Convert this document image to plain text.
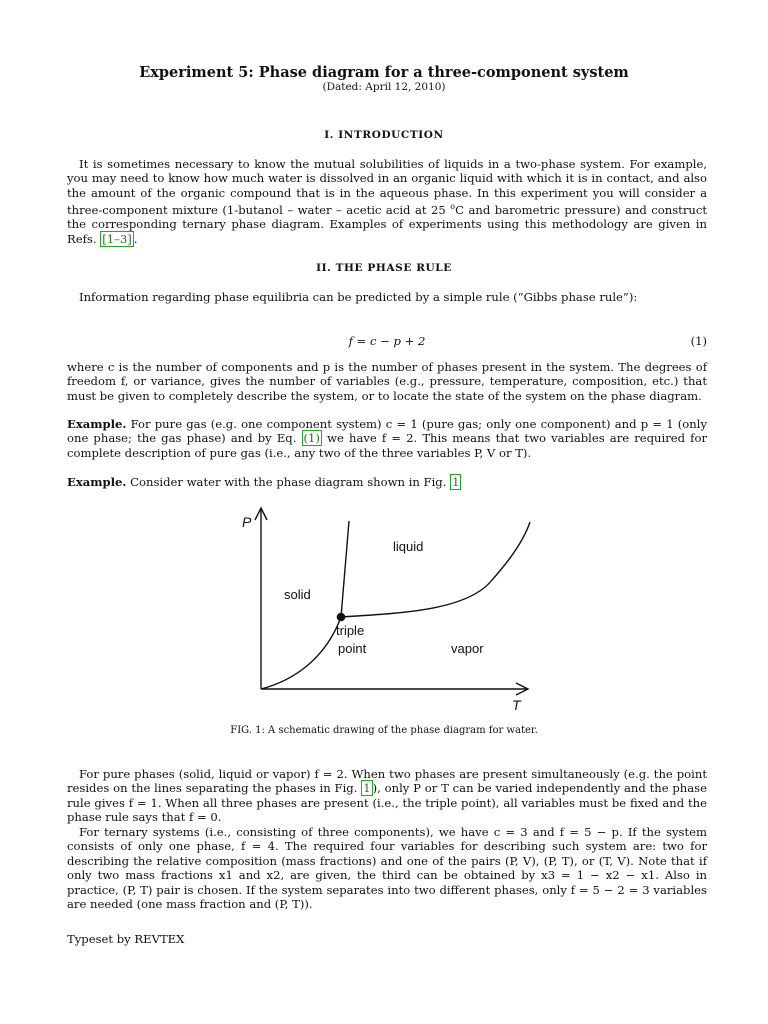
Experiment 5: Phase diagram for a three-component system
(Dated: April 12, 2010)
I. INTRODUCTION

It is sometimes necessary to know the mutual solubilities of liquids in a two-phase system. For example, you may need to know how much water is dissolved in an organic liquid with which it is in contact, and also the amount of the organic compound that is in the aqueous phase. In this experiment you will consider a three-component mixture (1-butanol – water – acetic acid at 25 $^o$C and barometric pressure) and construct the corresponding ternary phase diagram. Examples of experiments using this methodology are given in Refs. [1–3] .

II. THE PHASE RULE

Information regarding phase equilibria can be predicted by a simple rule (“Gibbs phase rule”):

f = c − p + 2	(1)

where c is the number of components and p is the number of phases present in the system. The degrees of freedom f, or variance, gives the number of variables (e.g., pressure, temperature, composition, etc.) that must be given to completely describe the system, or to locate the state of the system on the phase diagram.

Example. For pure gas (e.g. one component system) c = 1 (pure gas; only one component) and p = 1 (only one phase; the gas phase) and by Eq. (1) we have f = 2. This means that two variables are required for complete description of pure gas (i.e., any two of the three variables P, V or T).

Example. Consider water with the phase diagram shown in Fig. 1

P
T
liquid
solid
vapor
triple
point
FIG. 1: A schematic drawing of the phase diagram for water.

For pure phases (solid, liquid or vapor) f = 2. When two phases are present simultaneously (e.g. the point resides on the lines separating the phases in Fig. 1 ), only P or T can be varied independently and the phase rule gives f = 1. When all three phases are present (i.e., the triple point), all variables must be fixed and the phase rule says that f = 0.

For ternary systems (i.e., consisting of three components), we have c = 3 and f = 5 − p. If the system consists of only one phase, f = 4. The required four variables for describing such system are: two for describing the relative composition (mass fractions) and one of the pairs (P, V), (P, T), or (T, V). Note that if only two mass fractions x1 and x2, are given, the third can be obtained by x3 = 1 − x2 − x1. Also in practice, (P, T) pair is chosen. If the system separates into two different phases, only f = 5 − 2 = 3 variables are needed (one mass fraction and (P, T)).

Typeset by REVTEX
